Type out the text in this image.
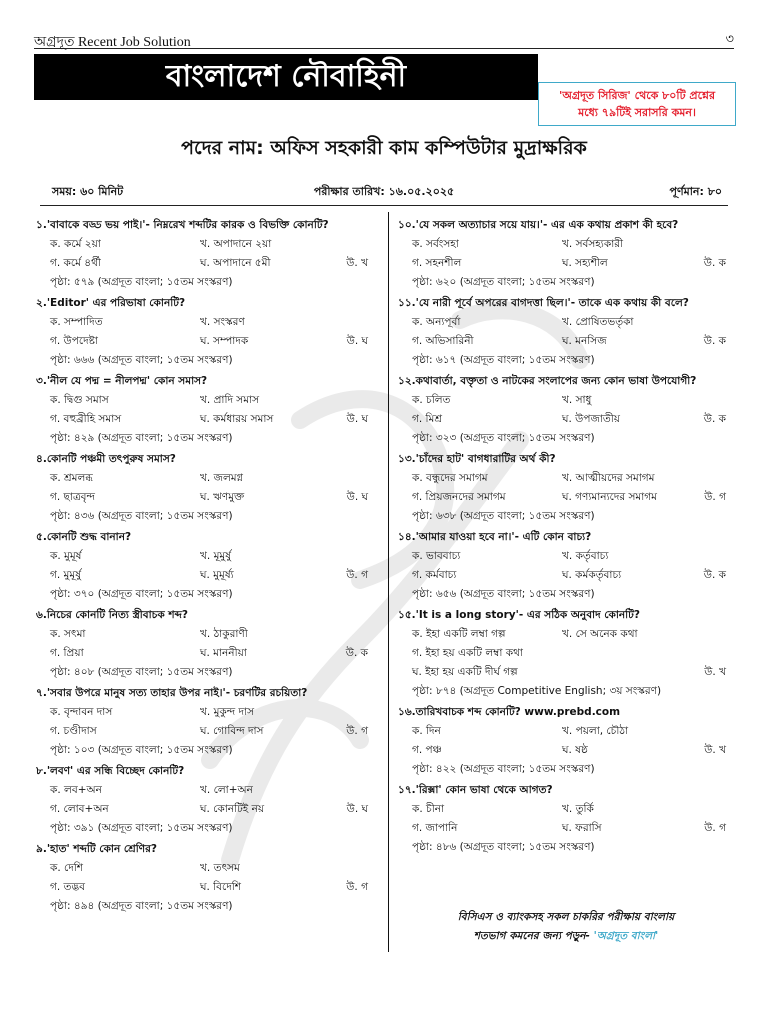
অগ্রদূত Recent Job Solution	৩
বাংলাদেশ নৌবাহিনী
'অগ্রদূত সিরিজ' থেকে ৮০টি প্রশ্নের
মধ্যে ৭৯টিই সরাসরি কমন।
পদের নাম: অফিস সহকারী কাম কম্পিউটার মুদ্রাক্ষরিক
সময়: ৬০ মিনিট	পরীক্ষার তারিখ: ১৬.০৫.২০২৫	পূর্ণমান: ৮০
১.'বাবাকে বড্ড ভয় পাই।'- নিম্নরেখ শব্দটির কারক ও বিভক্তি কোনটি?
ক. কর্মে ২য়া	খ. অপাদানে ২য়া
গ. কর্মে ৪র্থী	ঘ. অপাদানে ৫মী	উ. খ
পৃষ্ঠা: ৫৭৯ (অগ্রদূত বাংলা; ১৫তম সংস্করণ)
২.'Editor' এর পরিভাষা কোনটি?
ক. সম্পাদিত	খ. সংস্করণ
গ. উপদেষ্টা	ঘ. সম্পাদক	উ. ঘ
পৃষ্ঠা: ৬৬৬ (অগ্রদূত বাংলা; ১৫তম সংস্করণ)
৩.'নীল যে পদ্ম = নীলপদ্ম' কোন সমাস?
ক. দ্বিগু সমাস	খ. প্রাদি সমাস
গ. বহুব্রীহি সমাস	ঘ. কর্মধারয় সমাস	উ. ঘ
পৃষ্ঠা: ৪২৯ (অগ্রদূত বাংলা; ১৫তম সংস্করণ)
৪.কোনটি পঞ্চমী তৎপুরুষ সমাস?
ক. শ্রমলব্ধ	খ. জলমগ্ন
গ. ছাত্রবৃন্দ	ঘ. ঋণমুক্ত	উ. ঘ
পৃষ্ঠা: ৪৩৬ (অগ্রদূত বাংলা; ১৫তম সংস্করণ)
৫.কোনটি শুদ্ধ বানান?
ক. মুমূর্ষ	খ. মূমুর্ষু
গ. মুমূর্ষু	ঘ. মুমূর্ষ্য	উ. গ
পৃষ্ঠা: ৩৭০ (অগ্রদূত বাংলা; ১৫তম সংস্করণ)
৬.নিচের কোনটি নিত্য স্ত্রীবাচক শব্দ?
ক. সৎমা	খ. ঠাকুরাণী
গ. প্রিয়া	ঘ. মাননীয়া	উ. ক
পৃষ্ঠা: ৪০৮ (অগ্রদূত বাংলা; ১৫তম সংস্করণ)
৭.'সবার উপরে মানুষ সত্য তাহার উপর নাই।'- চরণটির রচয়িতা?
ক. বৃন্দাবন দাস	খ. মুকুন্দ দাস
গ. চণ্ডীদাস	ঘ. গোবিন্দ দাস	উ. গ
পৃষ্ঠা: ১০৩ (অগ্রদূত বাংলা; ১৫তম সংস্করণ)
৮.'লবণ' এর সন্ধি বিচ্ছেদ কোনটি?
ক. লব+অন	খ. লো+অন
গ. লোব+অন	ঘ. কোনটিই নয়	উ. ঘ
পৃষ্ঠা: ৩৯১ (অগ্রদূত বাংলা; ১৫তম সংস্করণ)
৯.'হাত' শব্দটি কোন শ্রেণির?
ক. দেশি	খ. তৎসম
গ. তদ্ভব	ঘ. বিদেশি	উ. গ
পৃষ্ঠা: ৪৯৪ (অগ্রদূত বাংলা; ১৫তম সংস্করণ)
১০.'যে সকল অত্যাচার সয়ে যায়।'- এর এক কথায় প্রকাশ কী হবে?
ক. সর্বংসহা	খ. সর্বসহ্যকারী
গ. সহনশীল	ঘ. সহ্যশীল	উ. ক
পৃষ্ঠা: ৬২০ (অগ্রদূত বাংলা; ১৫তম সংস্করণ)
১১.'যে নারী পূর্বে অপরের বাগদত্তা ছিল।'- তাকে এক কথায় কী বলে?
ক. অন্যপূর্বা	খ. প্রোষিতভর্তৃকা
গ. অভিসারিনী	ঘ. মনসিজ	উ. ক
পৃষ্ঠা: ৬১৭ (অগ্রদূত বাংলা; ১৫তম সংস্করণ)
১২.কথাবার্তা, বক্তৃতা ও নাটকের সংলাপের জন্য কোন ভাষা উপযোগী?
ক. চলিত	খ. সাধু
গ. মিশ্র	ঘ. উপজাতীয়	উ. ক
পৃষ্ঠা: ৩২৩ (অগ্রদূত বাংলা; ১৫তম সংস্করণ)
১৩.'চাঁদের হাট' বাগধারাটির অর্থ কী?
ক. বন্ধুদের সমাগম	খ. আত্মীয়দের সমাগম
গ. প্রিয়জনদের সমাগম	ঘ. গণ্যমান্যদের সমাগম	উ. গ
পৃষ্ঠা: ৬৩৮ (অগ্রদূত বাংলা; ১৫তম সংস্করণ)
১৪.'আমার যাওয়া হবে না।'- এটি কোন বাচ্য?
ক. ভাববাচ্য	খ. কর্তৃবাচ্য
গ. কর্মবাচ্য	ঘ. কর্মকর্তৃবাচ্য	উ. ক
পৃষ্ঠা: ৬৫৬ (অগ্রদূত বাংলা; ১৫তম সংস্করণ)
১৫.'It is a long story'- এর সঠিক অনুবাদ কোনটি?
ক. ইহা একটি লম্বা গল্প	খ. সে অনেক কথা
গ. ইহা হয় একটি লম্বা কথা
ঘ. ইহা হয় একটি দীর্ঘ গল্প	উ. খ
পৃষ্ঠা: ৮৭৪ (অগ্রদূত Competitive English; ৩য় সংস্করণ)
১৬.তারিখবাচক শব্দ কোনটি? www.prebd.com
ক. দিন	খ. পয়লা, চৌঠা
গ. পঞ্চ	ঘ. ষষ্ঠ	উ. খ
পৃষ্ঠা: ৪২২ (অগ্রদূত বাংলা; ১৫তম সংস্করণ)
১৭.'রিক্সা' কোন ভাষা থেকে আগত?
ক. চীনা	খ. তুর্কি
গ. জাপানি	ঘ. ফরাসি	উ. গ
পৃষ্ঠা: ৪৮৬ (অগ্রদূত বাংলা; ১৫তম সংস্করণ)
বিসিএস ও ব্যাংকসহ সকল চাকরির পরীক্ষায় বাংলায়
শতভাগ কমনের জন্য পড়ুন- 'অগ্রদূত বাংলা'
